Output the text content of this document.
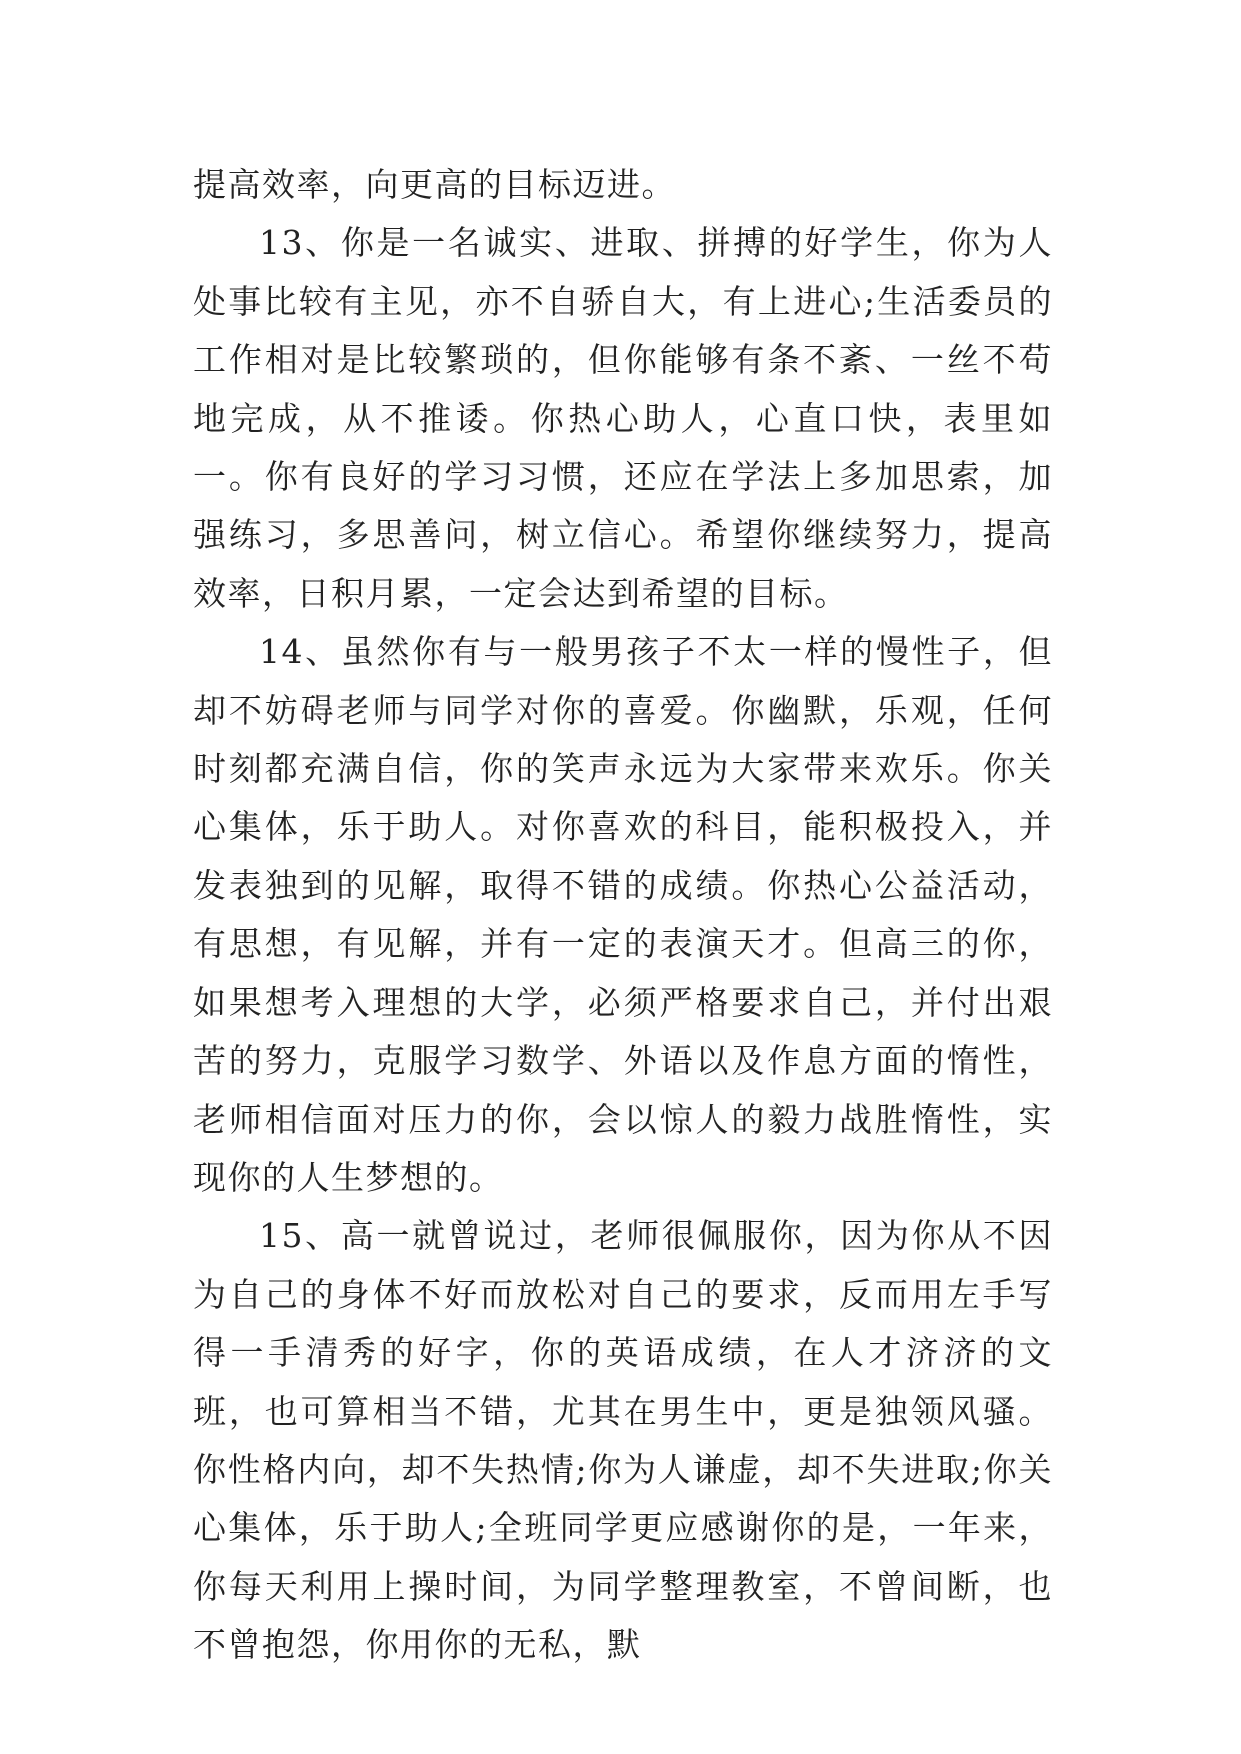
提高效率，向更高的目标迈进。

13、你是一名诚实、进取、拼搏的好学生，你为人处事比较有主见，亦不自骄自大，有上进心;生活委员的工作相对是比较繁琐的，但你能够有条不紊、一丝不苟地完成，从不推诿。你热心助人，心直口快，表里如一。你有良好的学习习惯，还应在学法上多加思索，加强练习，多思善问，树立信心。希望你继续努力，提高效率，日积月累，一定会达到希望的目标。

14、虽然你有与一般男孩子不太一样的慢性子，但却不妨碍老师与同学对你的喜爱。你幽默，乐观，任何时刻都充满自信，你的笑声永远为大家带来欢乐。你关心集体，乐于助人。对你喜欢的科目，能积极投入，并发表独到的见解，取得不错的成绩。你热心公益活动，有思想，有见解，并有一定的表演天才。但高三的你，如果想考入理想的大学，必须严格要求自己，并付出艰苦的努力，克服学习数学、外语以及作息方面的惰性，老师相信面对压力的你，会以惊人的毅力战胜惰性，实现你的人生梦想的。

15、高一就曾说过，老师很佩服你，因为你从不因为自己的身体不好而放松对自己的要求，反而用左手写得一手清秀的好字，你的英语成绩，在人才济济的文班，也可算相当不错，尤其在男生中，更是独领风骚。你性格内向，却不失热情;你为人谦虚，却不失进取;你关心集体，乐于助人;全班同学更应感谢你的是，一年来，你每天利用上操时间，为同学整理教室，不曾间断，也不曾抱怨，你用你的无私，默
